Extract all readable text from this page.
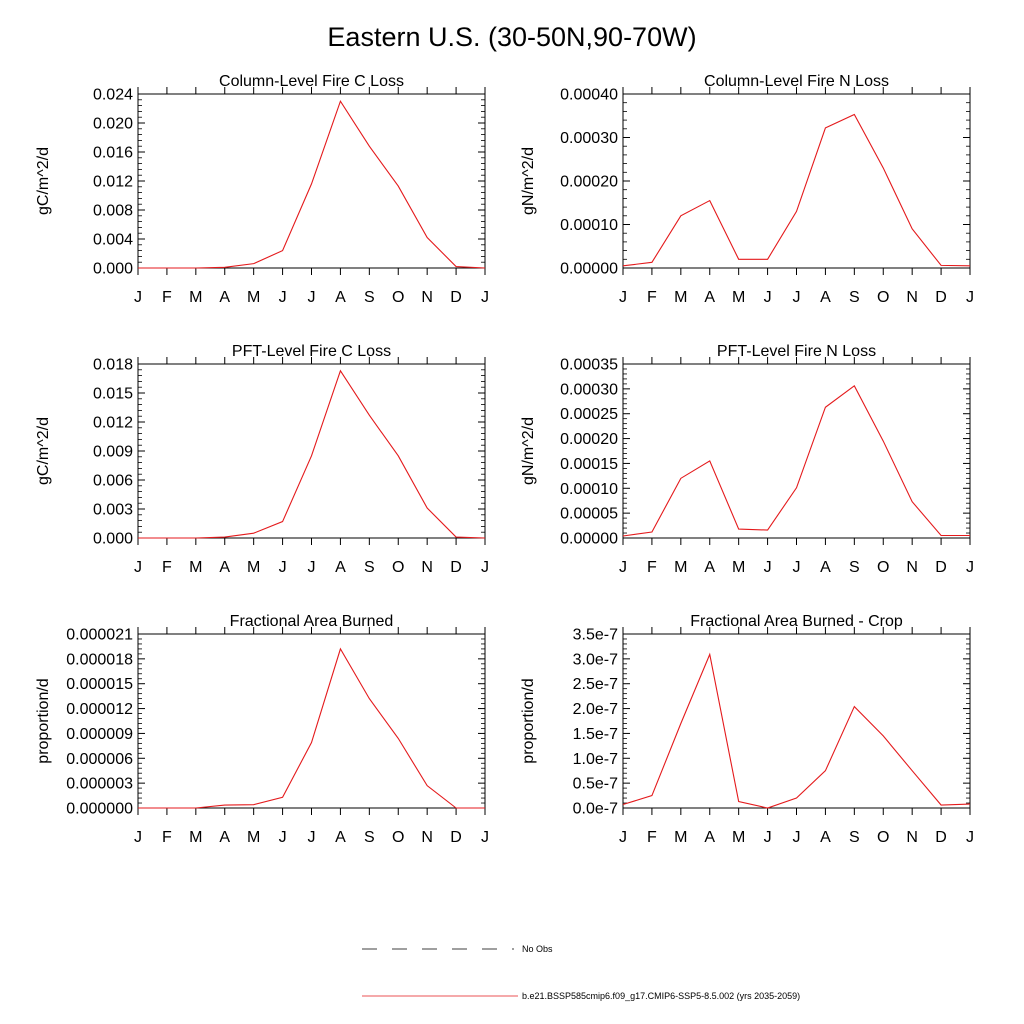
Eastern U.S. (30-50N,90-70W)
Column-Level Fire C Loss
gC/m^2/d
0.000
0.004
0.008
0.012
0.016
0.020
0.024
J F M A M J J A S O N D J
Column-Level Fire N Loss
gN/m^2/d
0.00000
0.00010
0.00020
0.00030
0.00040
J F M A M J J A S O N D J
PFT-Level Fire C Loss
gC/m^2/d
0.000
0.003
0.006
0.009
0.012
0.015
0.018
J F M A M J J A S O N D J
PFT-Level Fire N Loss
gN/m^2/d
0.00000
0.00005
0.00010
0.00015
0.00020
0.00025
0.00030
0.00035
J F M A M J J A S O N D J
Fractional Area Burned
proportion/d
0.000000
0.000003
0.000006
0.000009
0.000012
0.000015
0.000018
0.000021
J F M A M J J A S O N D J
Fractional Area Burned - Crop
proportion/d
0.0e-7
0.5e-7
1.0e-7
1.5e-7
2.0e-7
2.5e-7
3.0e-7
3.5e-7
J F M A M J J A S O N D J
No Obs
b.e21.BSSP585cmip6.f09_g17.CMIP6-SSP5-8.5.002 (yrs 2035-2059)
